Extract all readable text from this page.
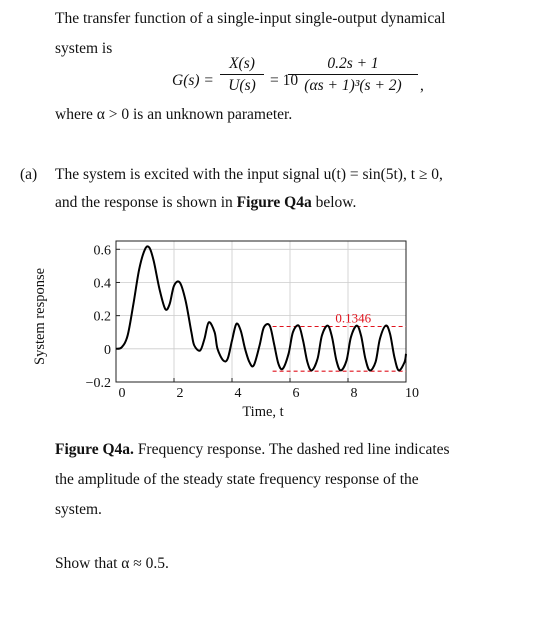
The transfer function of a single-input single-output dynamical
system is
G(s) =
X(s)
U(s) = 10
0.2s + 1
(αs + 1)³(s + 2)	,
where α > 0 is an unknown parameter.
(a) The system is excited with the input signal u(t) = sin(5t), t ≥ 0,
and the response is shown in Figure Q4a below.
System response
0	2	4	6	8	10
−0.2
0
0.2
0.4
0.6
Time, t
0.1346
Figure Q4a. Frequency response. The dashed red line indicates
the amplitude of the steady state frequency response of the
system.
Show that α ≈ 0.5.
